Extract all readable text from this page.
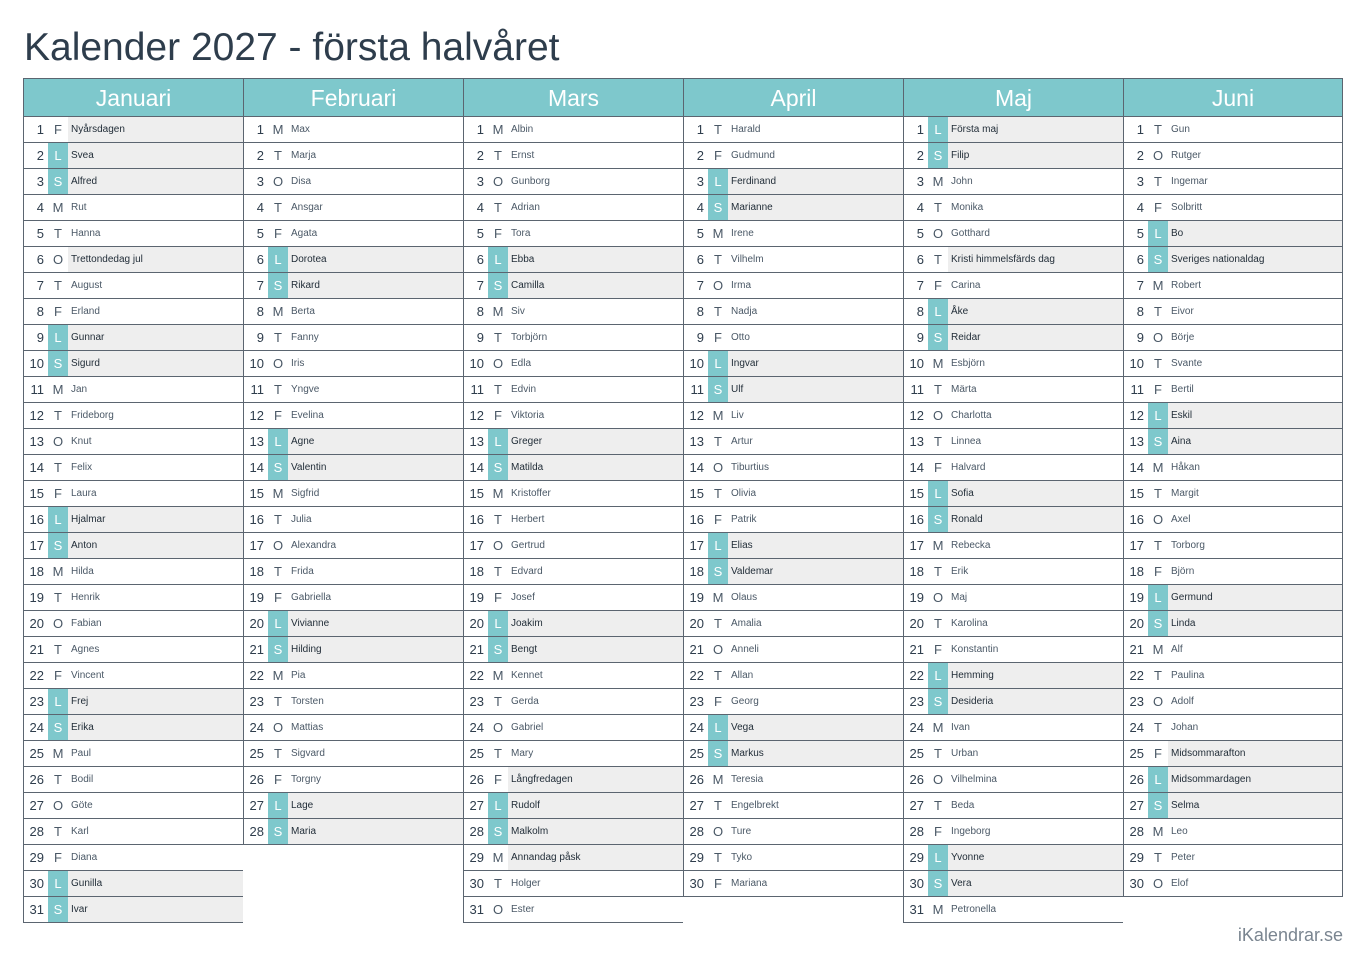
Kalender 2027 - första halvåret
Januari
1 F Nyårsdagen
2 L Svea
3 S Alfred
4 M Rut
5 T Hanna
6 O Trettondedag jul
7 T August
8 F Erland
9 L Gunnar
10 S Sigurd
11 M Jan
12 T Frideborg
13 O Knut
14 T Felix
15 F Laura
16 L Hjalmar
17 S Anton
18 M Hilda
19 T Henrik
20 O Fabian
21 T Agnes
22 F Vincent
23 L Frej
24 S Erika
25 M Paul
26 T Bodil
27 O Göte
28 T Karl
29 F Diana
30 L Gunilla
31 S Ivar
Februari
1 M Max
2 T Marja
3 O Disa
4 T Ansgar
5 F Agata
6 L Dorotea
7 S Rikard
8 M Berta
9 T Fanny
10 O Iris
11 T Yngve
12 F Evelina
13 L Agne
14 S Valentin
15 M Sigfrid
16 T Julia
17 O Alexandra
18 T Frida
19 F Gabriella
20 L Vivianne
21 S Hilding
22 M Pia
23 T Torsten
24 O Mattias
25 T Sigvard
26 F Torgny
27 L Lage
28 S Maria
Mars
1 M Albin
2 T Ernst
3 O Gunborg
4 T Adrian
5 F Tora
6 L Ebba
7 S Camilla
8 M Siv
9 T Torbjörn
10 O Edla
11 T Edvin
12 F Viktoria
13 L Greger
14 S Matilda
15 M Kristoffer
16 T Herbert
17 O Gertrud
18 T Edvard
19 F Josef
20 L Joakim
21 S Bengt
22 M Kennet
23 T Gerda
24 O Gabriel
25 T Mary
26 F Långfredagen
27 L Rudolf
28 S Malkolm
29 M Annandag påsk
30 T Holger
31 O Ester
April
1 T Harald
2 F Gudmund
3 L Ferdinand
4 S Marianne
5 M Irene
6 T Vilhelm
7 O Irma
8 T Nadja
9 F Otto
10 L Ingvar
11 S Ulf
12 M Liv
13 T Artur
14 O Tiburtius
15 T Olivia
16 F Patrik
17 L Elias
18 S Valdemar
19 M Olaus
20 T Amalia
21 O Anneli
22 T Allan
23 F Georg
24 L Vega
25 S Markus
26 M Teresia
27 T Engelbrekt
28 O Ture
29 T Tyko
30 F Mariana
Maj
1 L Första maj
2 S Filip
3 M John
4 T Monika
5 O Gotthard
6 T Kristi himmelsfärds dag
7 F Carina
8 L Åke
9 S Reidar
10 M Esbjörn
11 T Märta
12 O Charlotta
13 T Linnea
14 F Halvard
15 L Sofia
16 S Ronald
17 M Rebecka
18 T Erik
19 O Maj
20 T Karolina
21 F Konstantin
22 L Hemming
23 S Desideria
24 M Ivan
25 T Urban
26 O Vilhelmina
27 T Beda
28 F Ingeborg
29 L Yvonne
30 S Vera
31 M Petronella
Juni
1 T Gun
2 O Rutger
3 T Ingemar
4 F Solbritt
5 L Bo
6 S Sveriges nationaldag
7 M Robert
8 T Eivor
9 O Börje
10 T Svante
11 F Bertil
12 L Eskil
13 S Aina
14 M Håkan
15 T Margit
16 O Axel
17 T Torborg
18 F Björn
19 L Germund
20 S Linda
21 M Alf
22 T Paulina
23 O Adolf
24 T Johan
25 F Midsommarafton
26 L Midsommardagen
27 S Selma
28 M Leo
29 T Peter
30 O Elof
iKalendrar.se
